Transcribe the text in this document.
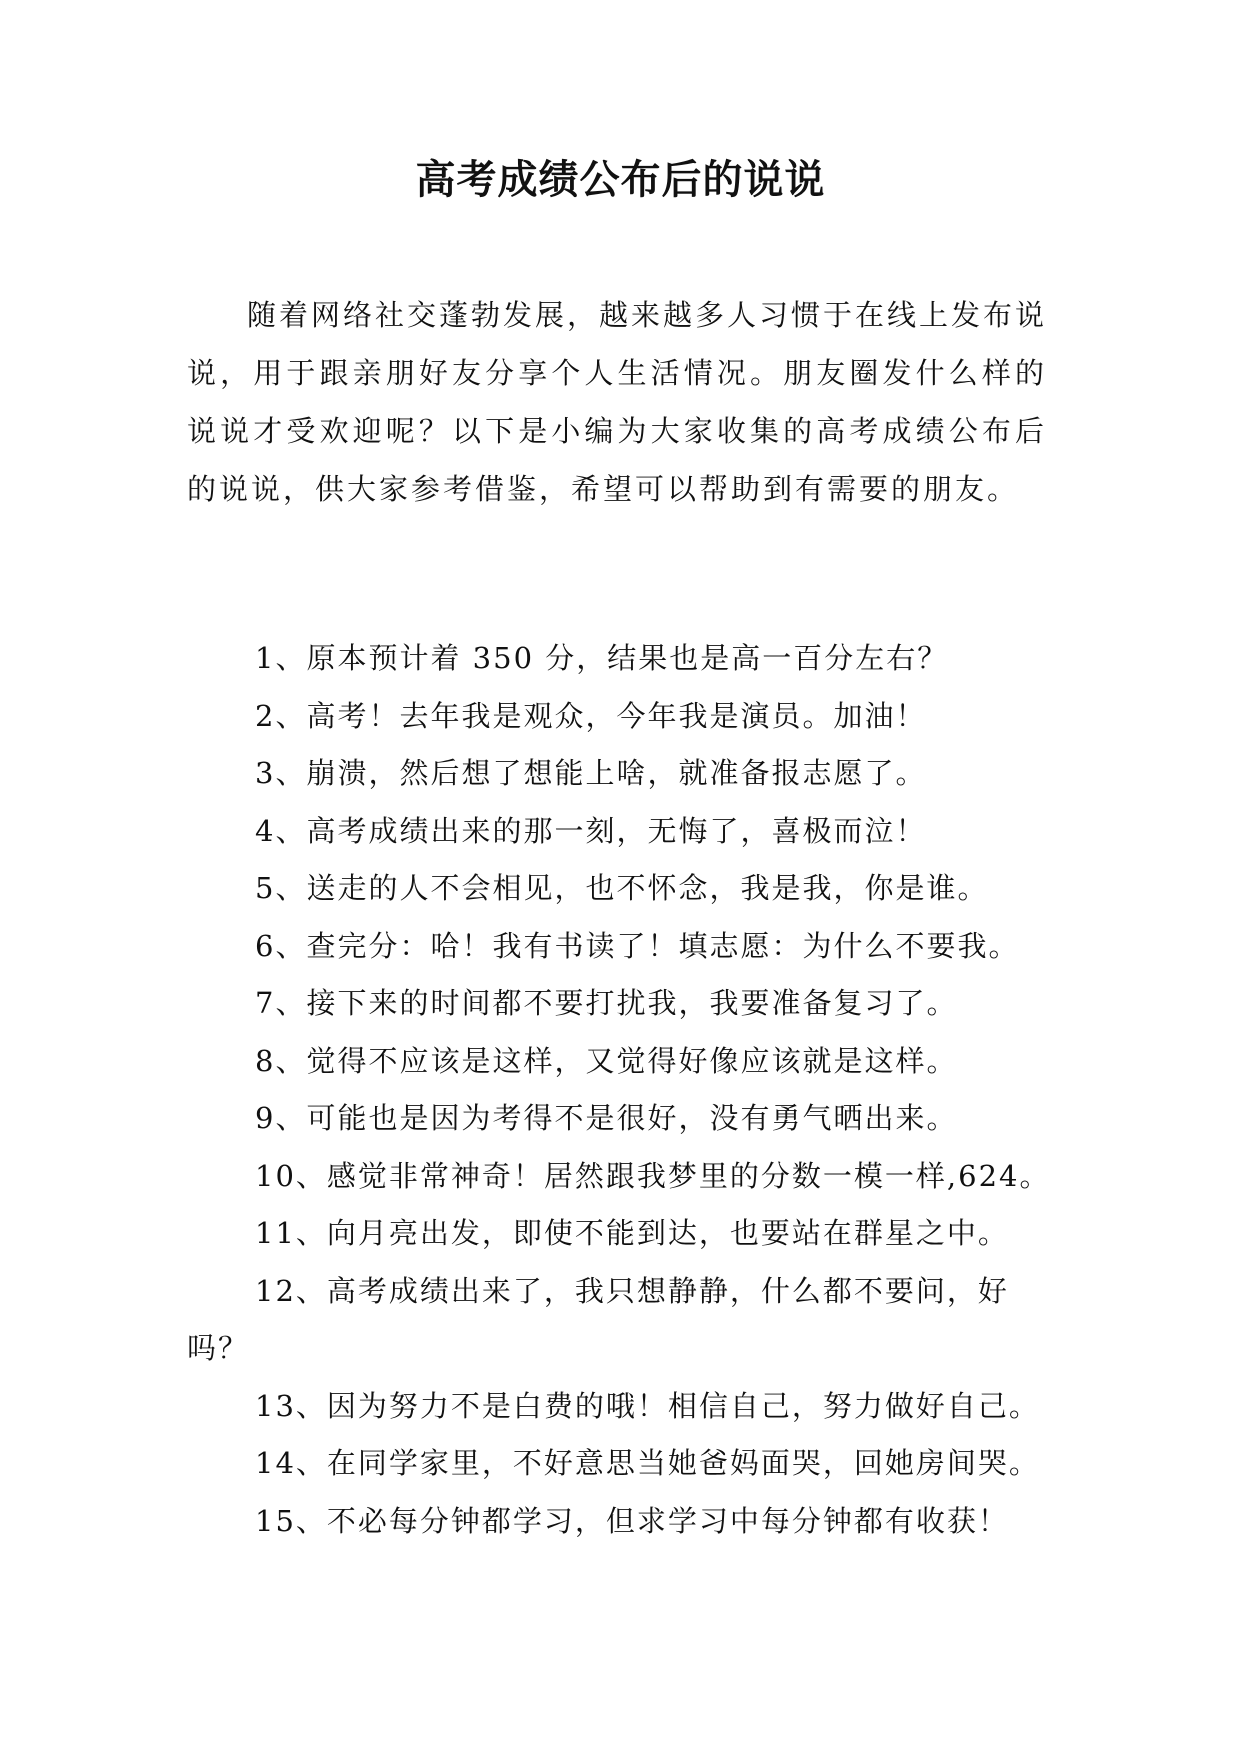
高考成绩公布后的说说

随着网络社交蓬勃发展，越来越多人习惯于在线上发布说说，用于跟亲朋好友分享个人生活情况。朋友圈发什么样的说说才受欢迎呢？以下是小编为大家收集的高考成绩公布后的说说，供大家参考借鉴，希望可以帮助到有需要的朋友。

1、原本预计着 350 分，结果也是高一百分左右？
2、高考！去年我是观众，今年我是演员。加油！
3、崩溃，然后想了想能上啥，就准备报志愿了。
4、高考成绩出来的那一刻，无悔了，喜极而泣！
5、送走的人不会相见，也不怀念，我是我，你是谁。
6、查完分：哈！我有书读了！填志愿：为什么不要我。
7、接下来的时间都不要打扰我，我要准备复习了。
8、觉得不应该是这样，又觉得好像应该就是这样。
9、可能也是因为考得不是很好，没有勇气晒出来。
10、感觉非常神奇！居然跟我梦里的分数一模一样,624。
11、向月亮出发，即使不能到达，也要站在群星之中。
12、高考成绩出来了，我只想静静，什么都不要问，好吗？
13、因为努力不是白费的哦！相信自己，努力做好自己。
14、在同学家里，不好意思当她爸妈面哭，回她房间哭。
15、不必每分钟都学习，但求学习中每分钟都有收获！
